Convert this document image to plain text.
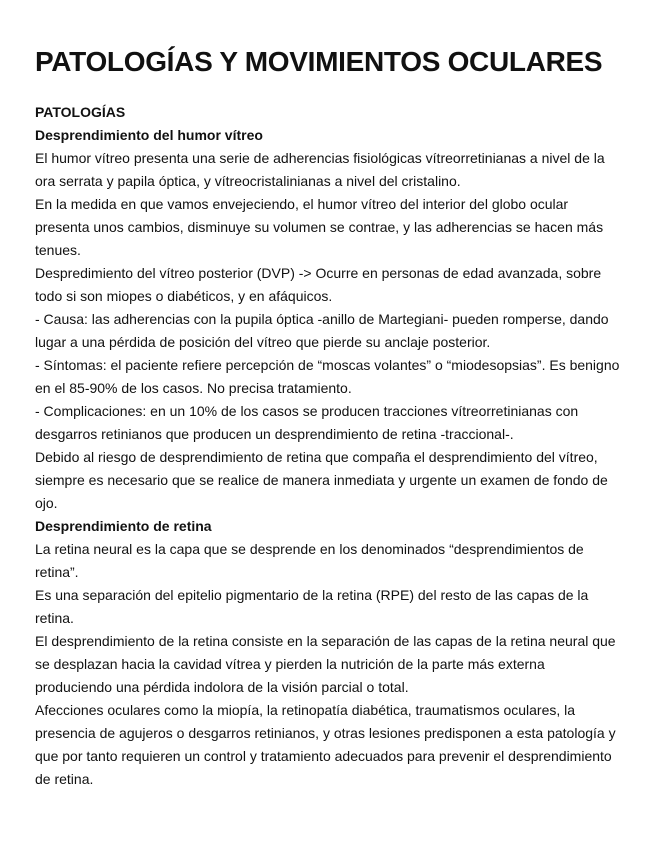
PATOLOGÍAS Y MOVIMIENTOS OCULARES

PATOLOGÍAS

Desprendimiento del humor vítreo

El humor vítreo presenta una serie de adherencias fisiológicas vítreorretinianas a nivel de la ora serrata y papila óptica, y vítreocristalinianas a nivel del cristalino.

En la medida en que vamos envejeciendo, el humor vítreo del interior del globo ocular presenta unos cambios, disminuye su volumen se contrae, y las adherencias se hacen más tenues.

Despredimiento del vítreo posterior (DVP) -> Ocurre en personas de edad avanzada, sobre todo si son miopes o diabéticos, y en afáquicos.

- Causa: las adherencias con la pupila óptica -anillo de Martegiani- pueden romperse, dando lugar a una pérdida de posición del vítreo que pierde su anclaje posterior.

- Síntomas: el paciente refiere percepción de “moscas volantes” o “miodesopsias”. Es benigno en el 85-90% de los casos. No precisa tratamiento.

- Complicaciones: en un 10% de los casos se producen tracciones vítreorretinianas con desgarros retinianos que producen un desprendimiento de retina -traccional-.

Debido al riesgo de desprendimiento de retina que compaña el desprendimiento del vítreo, siempre es necesario que se realice de manera inmediata y urgente un examen de fondo de ojo.

Desprendimiento de retina

La retina neural es la capa que se desprende en los denominados “desprendimientos de retina”.

Es una separación del epitelio pigmentario de la retina (RPE) del resto de las capas de la retina.

El desprendimiento de la retina consiste en la separación de las capas de la retina neural que se desplazan hacia la cavidad vítrea y pierden la nutrición de la parte más externa produciendo una pérdida indolora de la visión parcial o total.

Afecciones oculares como la miopía, la retinopatía diabética, traumatismos oculares, la presencia de agujeros o desgarros retinianos, y otras lesiones predisponen a esta patología y que por tanto requieren un control y tratamiento adecuados para prevenir el desprendimiento de retina.
